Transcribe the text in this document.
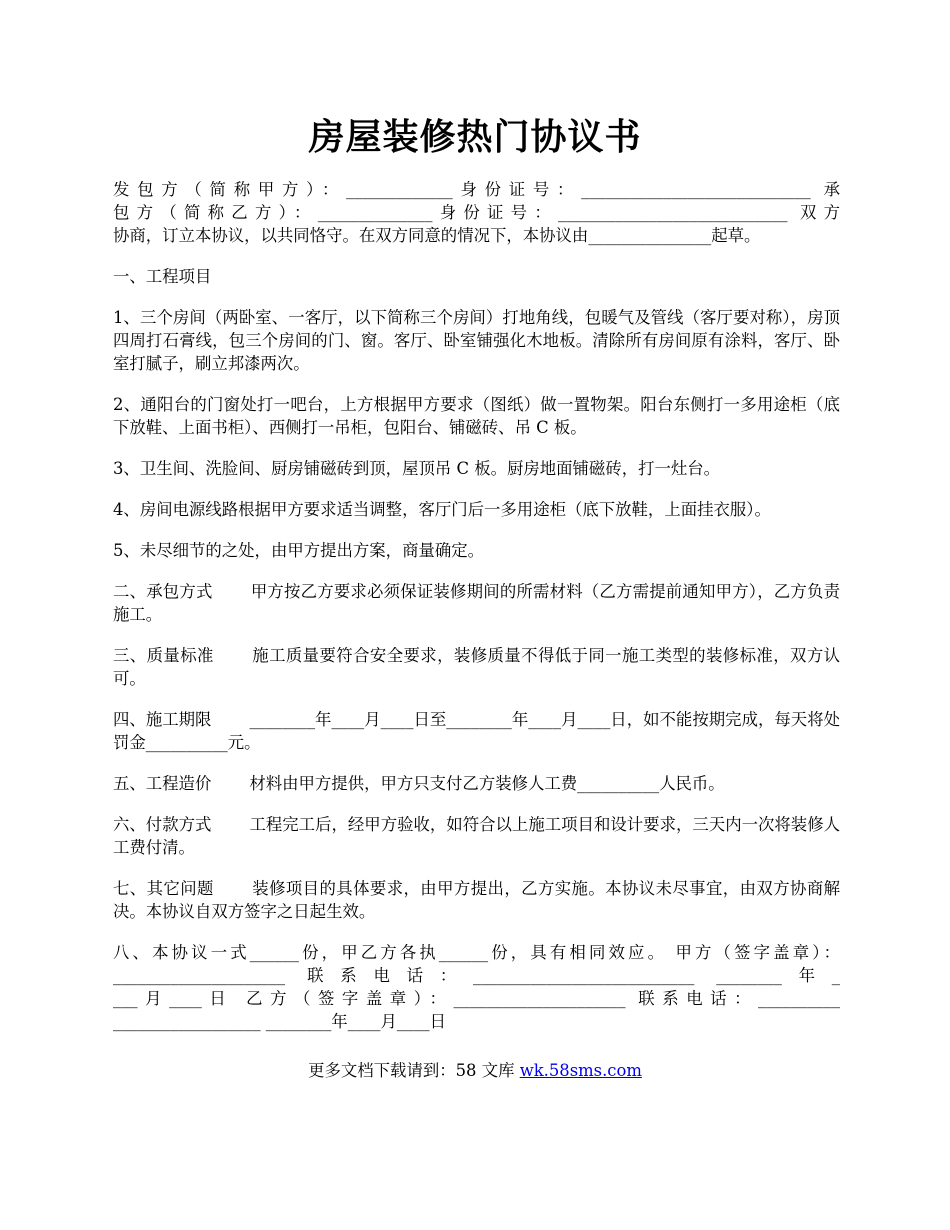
房屋装修热门协议书
发包方（简称甲方）：_____________身份证号：____________________________ 承
包方（简称乙方）：______________身份证号：____________________________ 双方
协商，订立本协议，以共同恪守。在双方同意的情况下，本协议由_______________起草。

一、工程项目

1、三个房间（两卧室、一客厅，以下简称三个房间）打地角线，包暖气及管线（客厅要对称），房顶四周打石膏线，包三个房间的门、窗。客厅、卧室铺强化木地板。清除所有房间原有涂料，客厅、卧室打腻子，刷立邦漆两次。

2、通阳台的门窗处打一吧台，上方根据甲方要求（图纸）做一置物架。阳台东侧打一多用途柜（底下放鞋、上面书柜）、西侧打一吊柜，包阳台、铺磁砖、吊 C 板。

3、卫生间、洗脸间、厨房铺磁砖到顶，屋顶吊 C 板。厨房地面铺磁砖，打一灶台。

4、房间电源线路根据甲方要求适当调整，客厅门后一多用途柜（底下放鞋，上面挂衣服）。

5、未尽细节的之处，由甲方提出方案，商量确定。

二、承包方式 甲方按乙方要求必须保证装修期间的所需材料（乙方需提前通知甲方），乙方负责施工。

三、质量标准 施工质量要符合安全要求，装修质量不得低于同一施工类型的装修标准，双方认可。

四、施工期限 ________年____月____日至________年____月____日，如不能按期完成，每天将处罚金__________元。

五、工程造价 材料由甲方提供，甲方只支付乙方装修人工费__________人民币。

六、付款方式 工程完工后，经甲方验收，如符合以上施工项目和设计要求，三天内一次将装修人工费付清。

七、其它问题 装修项目的具体要求，由甲方提出，乙方实施。本协议未尽事宜，由双方协商解决。本协议自双方签字之日起生效。

八、本协议一式______份，甲乙方各执______份，具有相同效应。 甲方（签字盖章）：
_____________________ 联系电话：___________________________ ________年_
___月____日 乙方（签字盖章）：_____________________ 联系电话：__________
__________________ ________年____月____日
更多文档下载请到：58 文库 wk.58sms.com
